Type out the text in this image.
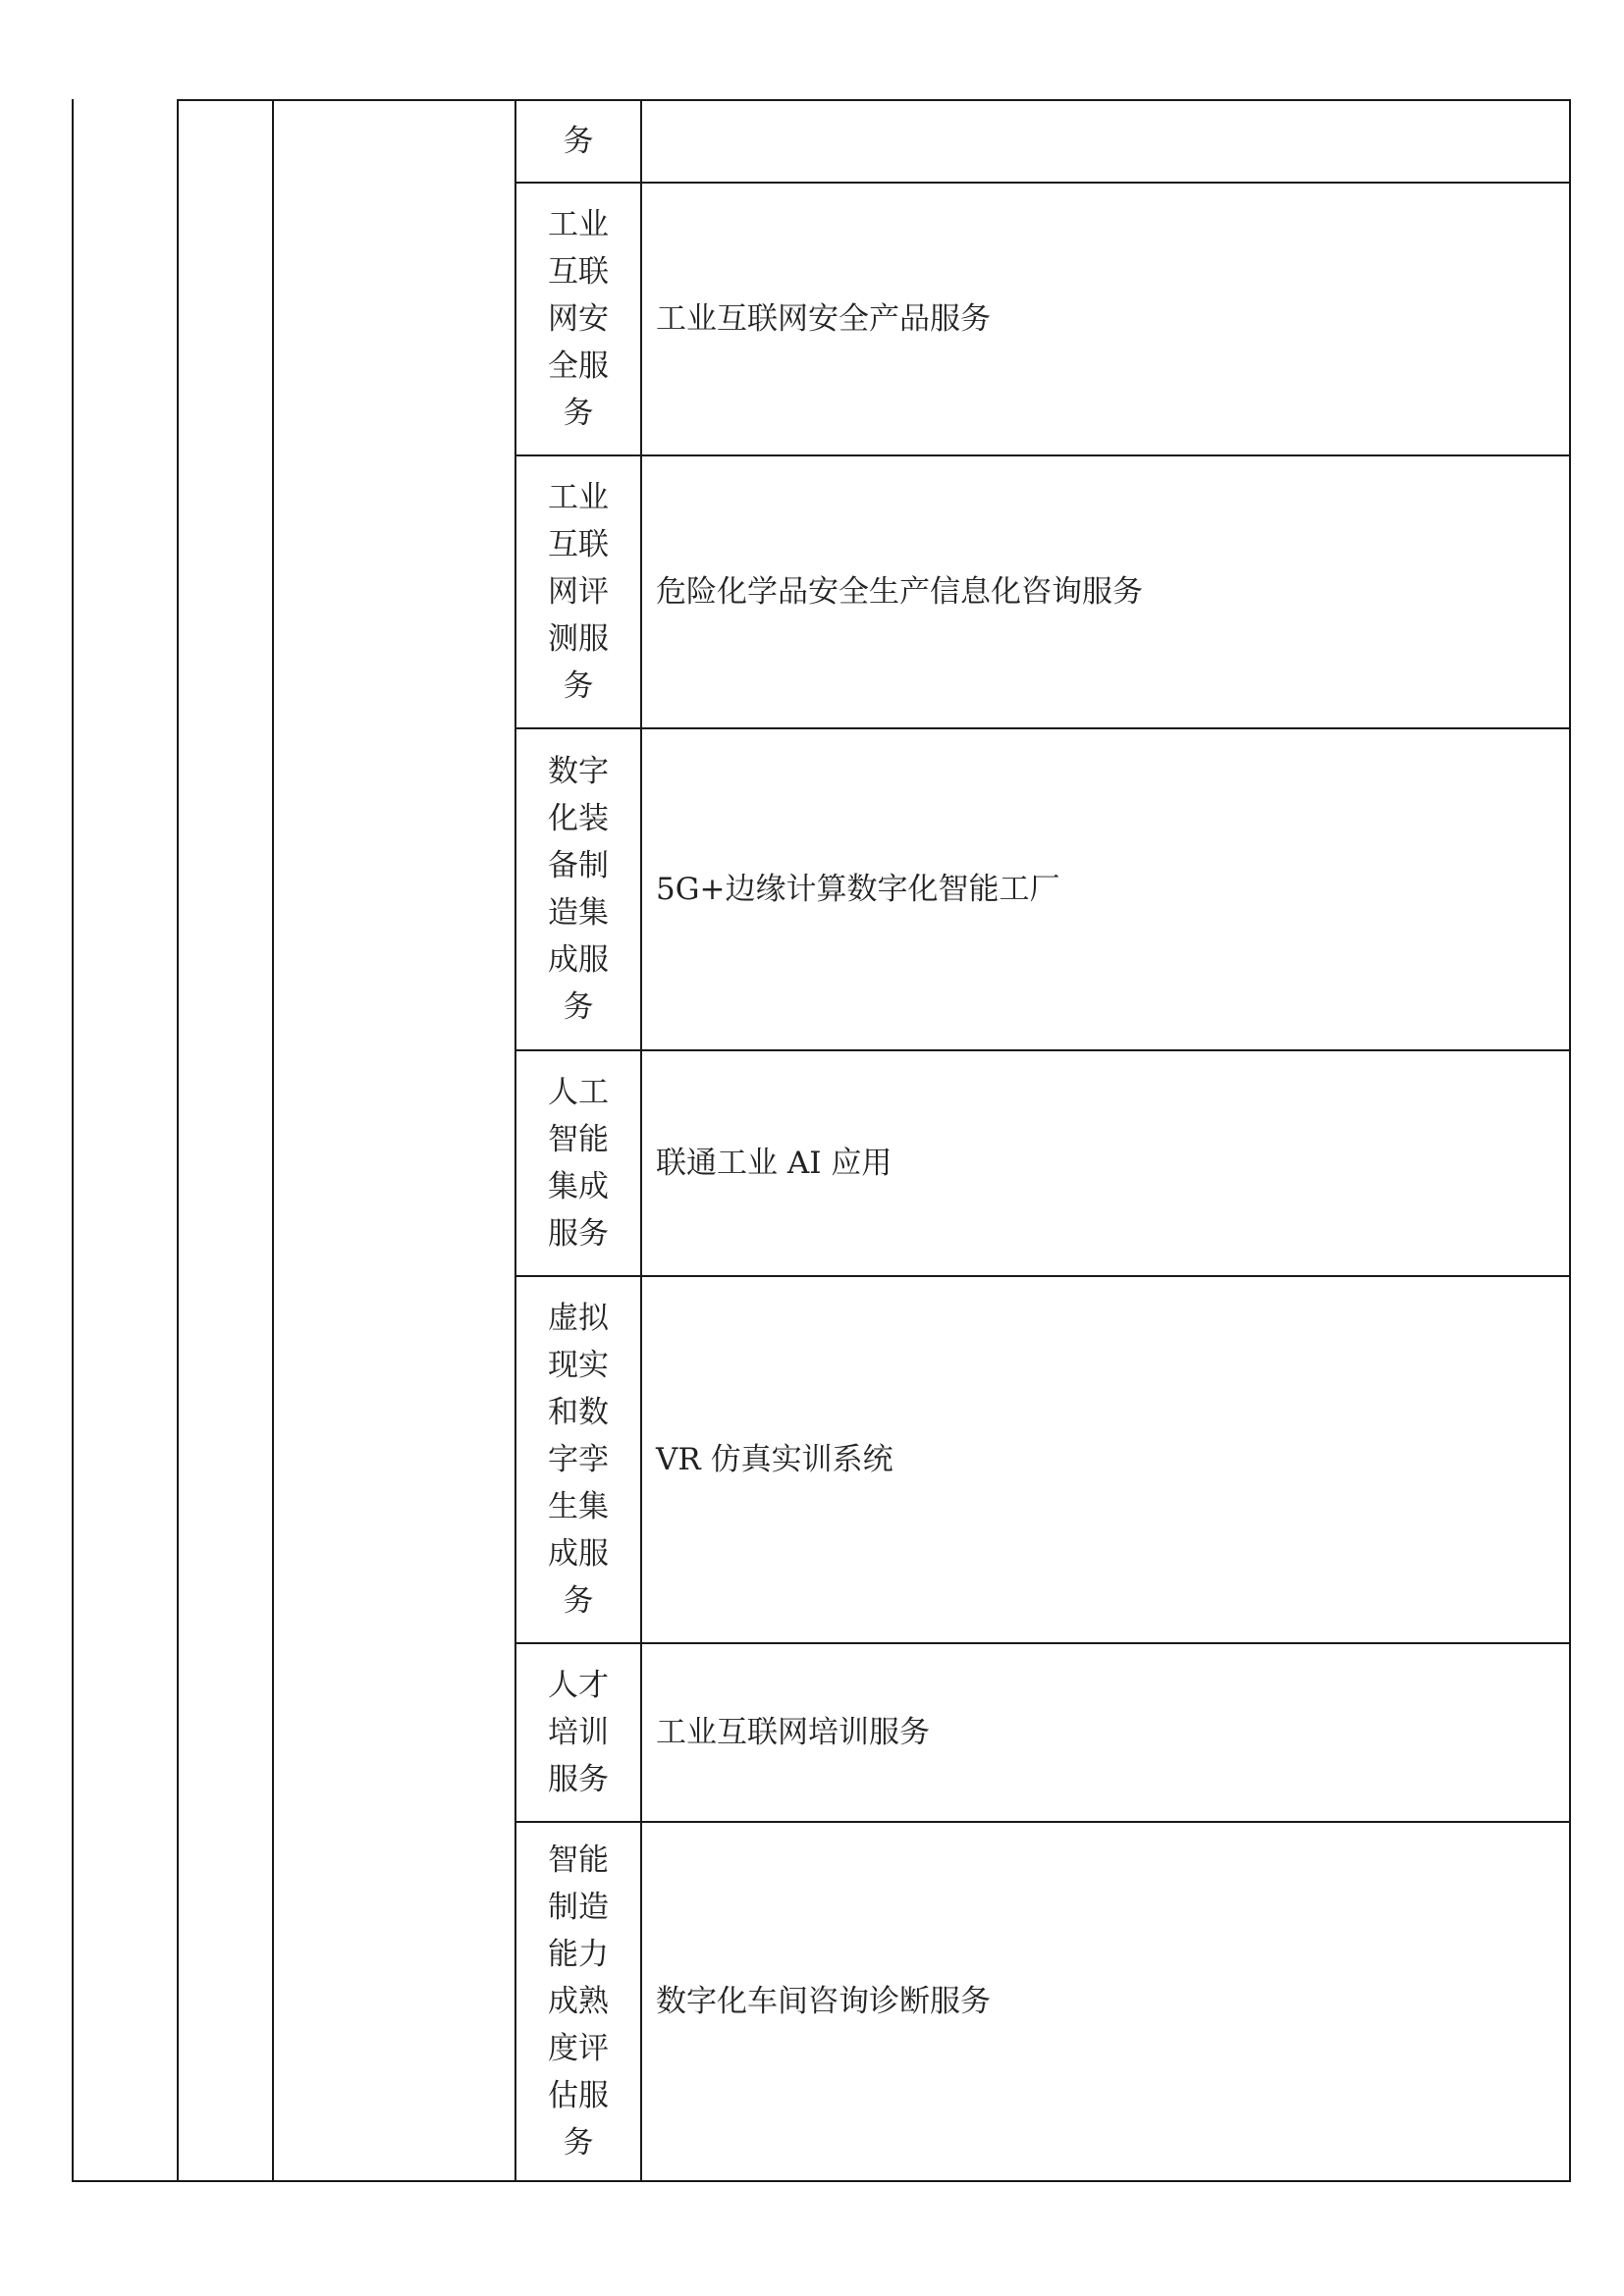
务
工业互联网安全服务
工业互联网安全产品服务
工业互联网评测服务
危险化学品安全生产信息化咨询服务
数字化装备制造集成服务
5G+边缘计算数字化智能工厂
人工智能集成服务
联通工业 AI 应用
虚拟现实和数字孪生集成服务
VR 仿真实训系统
人才培训服务
工业互联网培训服务
智能制造能力成熟度评估服务
数字化车间咨询诊断服务
